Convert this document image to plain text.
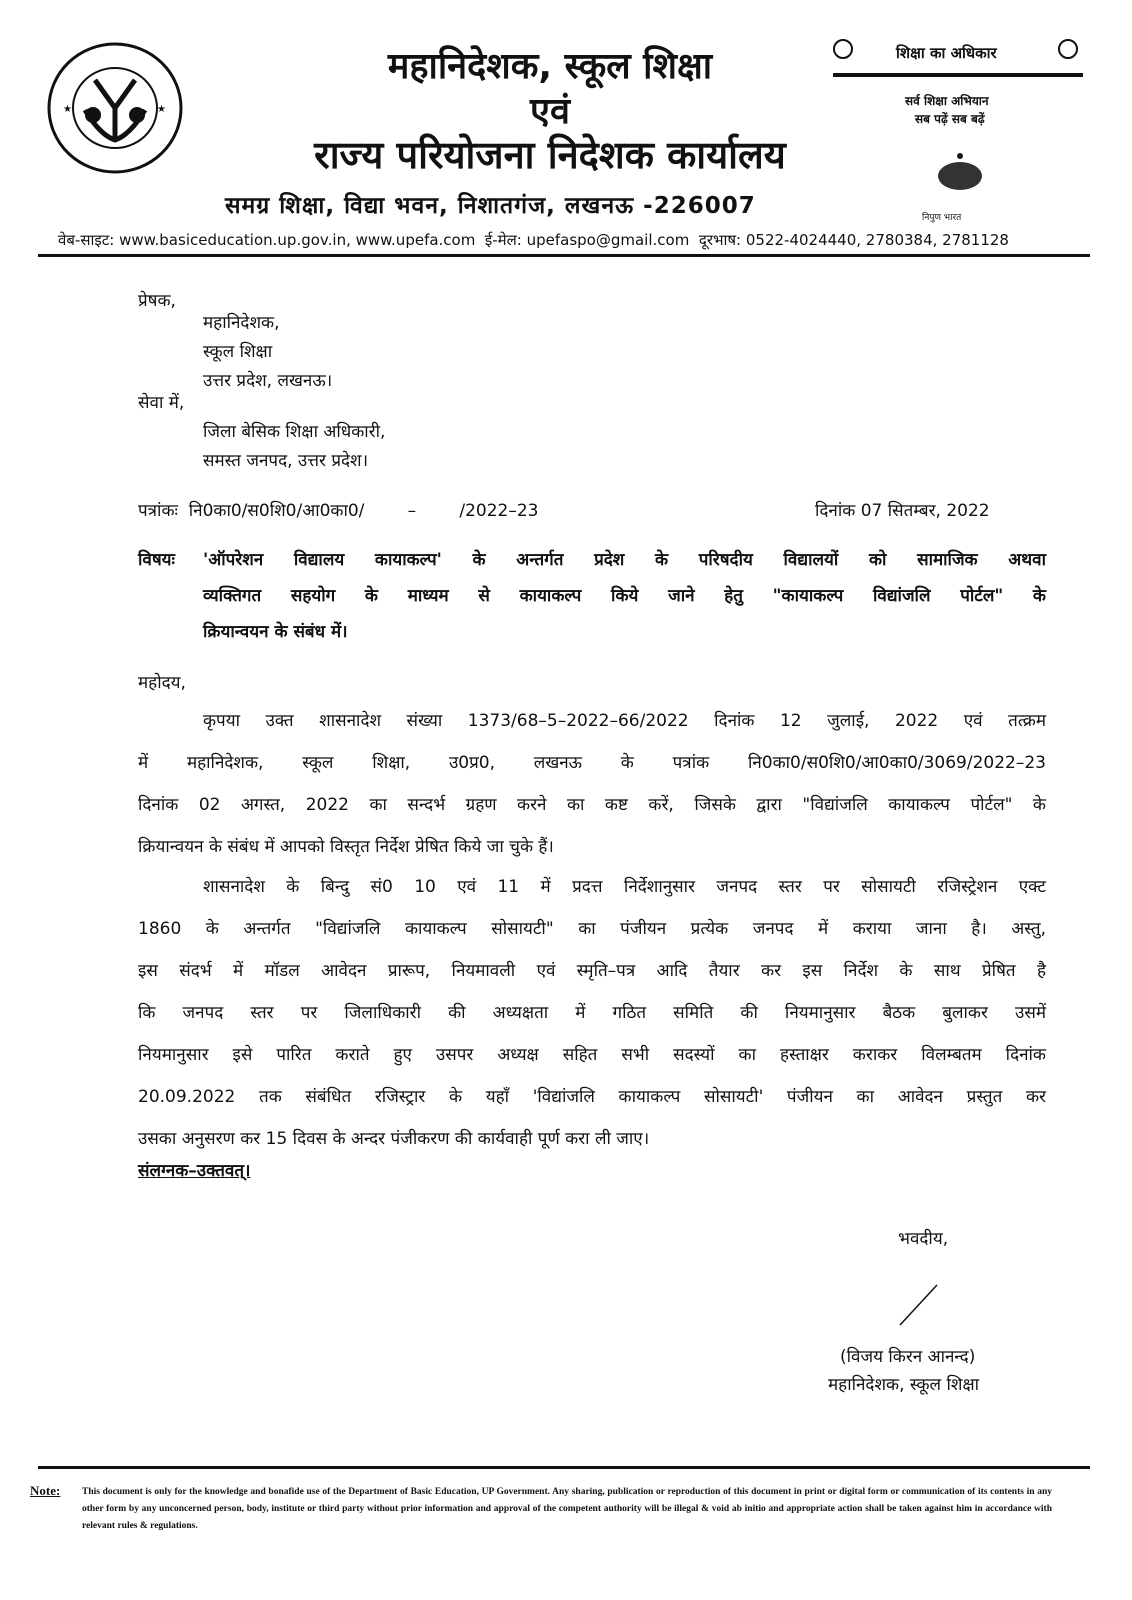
★	★
महानिदेशक, स्कूल शिक्षा
एवं
राज्य परियोजना निदेशक कार्यालय
समग्र शिक्षा, विद्या भवन, निशातगंज, लखनऊ -226007
शिक्षा का अधिकार
सर्व शिक्षा अभियान
सब पढ़ें सब बढ़ें
निपुण भारत
वेब-साइट: www.basiceducation.up.gov.in, www.upefa.com  ई-मेल: upefaspo@gmail.com  दूरभाष: 0522-4024440, 2780384, 2781128
प्रेषक,
महानिदेशक,
स्कूल शिक्षा
उत्तर प्रदेश, लखनऊ।
सेवा में,
जिला बेसिक शिक्षा अधिकारी,
समस्त जनपद, उत्तर प्रदेश।
पत्रांकः  नि0का0/स0शि0/आ0का0/        –        /2022–23	दिनांक 07 सितम्बर, 2022
विषयः 'ऑपरेशन विद्यालय कायाकल्प' के अन्तर्गत प्रदेश के परिषदीय विद्यालयों को सामाजिक अथवा
व्यक्तिगत सहयोग के माध्यम से कायाकल्प किये जाने हेतु "कायाकल्प विद्यांजलि पोर्टल" के
क्रियान्वयन के संबंध में।
महोदय,
कृपया उक्त शासनादेश संख्या 1373/68–5–2022–66/2022 दिनांक 12 जुलाई, 2022 एवं तत्क्रम
में महानिदेशक, स्कूल शिक्षा, उ0प्र0, लखनऊ के पत्रांक नि0का0/स0शि0/आ0का0/3069/2022–23
दिनांक 02 अगस्त, 2022 का सन्दर्भ ग्रहण करने का कष्ट करें, जिसके द्वारा "विद्यांजलि कायाकल्प पोर्टल" के
क्रियान्वयन के संबंध में आपको विस्तृत निर्देश प्रेषित किये जा चुके हैं।
शासनादेश के बिन्दु सं0 10 एवं 11 में प्रदत्त निर्देशानुसार जनपद स्तर पर सोसायटी रजिस्ट्रेशन एक्ट
1860 के अन्तर्गत "विद्यांजलि कायाकल्प सोसायटी" का पंजीयन प्रत्येक जनपद में कराया जाना है। अस्तु,
इस संदर्भ में मॉडल आवेदन प्रारूप, नियमावली एवं स्मृति–पत्र आदि तैयार कर इस निर्देश के साथ प्रेषित है
कि जनपद स्तर पर जिलाधिकारी की अध्यक्षता में गठित समिति की नियमानुसार बैठक बुलाकर उसमें
नियमानुसार इसे पारित कराते हुए उसपर अध्यक्ष सहित सभी सदस्यों का हस्ताक्षर कराकर विलम्बतम दिनांक
20.09.2022 तक संबंधित रजिस्ट्रार के यहाँ 'विद्यांजलि कायाकल्प सोसायटी' पंजीयन का आवेदन प्रस्तुत कर
उसका अनुसरण कर 15 दिवस के अन्दर पंजीकरण की कार्यवाही पूर्ण करा ली जाए।
संलग्नक–उक्तवत्।
भवदीय,
(विजय किरन आनन्द)
महानिदेशक, स्कूल शिक्षा
Note: This document is only for the knowledge and bonafide use of the Department of Basic Education, UP Government. Any sharing, publication or reproduction of this document in print or digital form or communication of its contents in any other form by any unconcerned person, body, institute or third party without prior information and approval of the competent authority will be illegal & void ab initio and appropriate action shall be taken against him in accordance with relevant rules & regulations.
